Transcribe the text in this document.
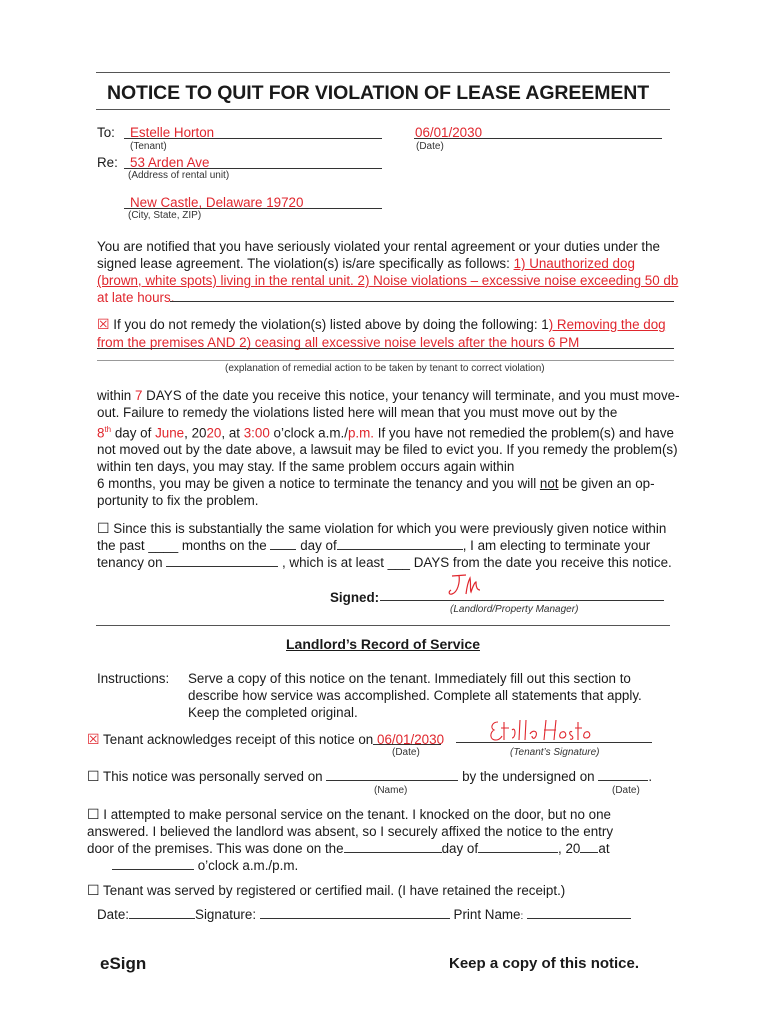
NOTICE TO QUIT FOR VIOLATION OF LEASE AGREEMENT
To: Estelle Horton
(Tenant)
06/01/2030
(Date)
Re: 53 Arden Ave
(Address of rental unit)
New Castle, Delaware 19720
(City, State, ZIP)
You are notified that you have seriously violated your rental agreement or your duties under the signed lease agreement. The violation(s) is/are specifically as follows: 1) Unauthorized dog
(brown, white spots) living in the rental unit. 2) Noise violations – excessive noise exceeding 50 db
at late hours.
☒ If you do not remedy the violation(s) listed above by doing the following: 1) Removing the dog
from the premises AND 2) ceasing all excessive noise levels after the hours 6 PM
(explanation of remedial action to be taken by tenant to correct violation)
within 7 DAYS of the date you receive this notice, your tenancy will terminate, and you must move-
out. Failure to remedy the violations listed here will mean that you must move out by the
8th day of June, 2020, at 3:00 o’clock a.m./p.m. If you have not remedied the problem(s) and have
not moved out by the date above, a lawsuit may be filed to evict you. If you remedy the problem(s)
within ten days, you may stay. If the same problem occurs again within
6 months, you may be given a notice to terminate the tenancy and you will not be given an op-
portunity to fix the problem.
☐ Since this is substantially the same violation for which you were previously given notice within
the past ____ months on the day of	, I am electing to terminate your
tenancy on	, which is at least ___ DAYS from the date you receive this notice.
Signed:
(Landlord/Property Manager)
Landlord’s Record of Service
Instructions: Serve a copy of this notice on the tenant. Immediately fill out this section to
describe how service was accomplished. Complete all statements that apply.
Keep the completed original.
☒ Tenant acknowledges receipt of this notice on 06/01/2030
(Date)	(Tenant’s Signature)
☐ This notice was personally served on	by the undersigned on	.
(Name)	(Date)
☐ I attempted to make personal service on the tenant. I knocked on the door, but no one
answered. I believed the landlord was absent, so I securely affixed the notice to the entry
door of the premises. This was done on the	day of	, 20 at
o’clock a.m./p.m.
☐ Tenant was served by registered or certified mail. (I have retained the receipt.)
Date:	Signature:	Print Name:
eSign	Keep a copy of this notice.
